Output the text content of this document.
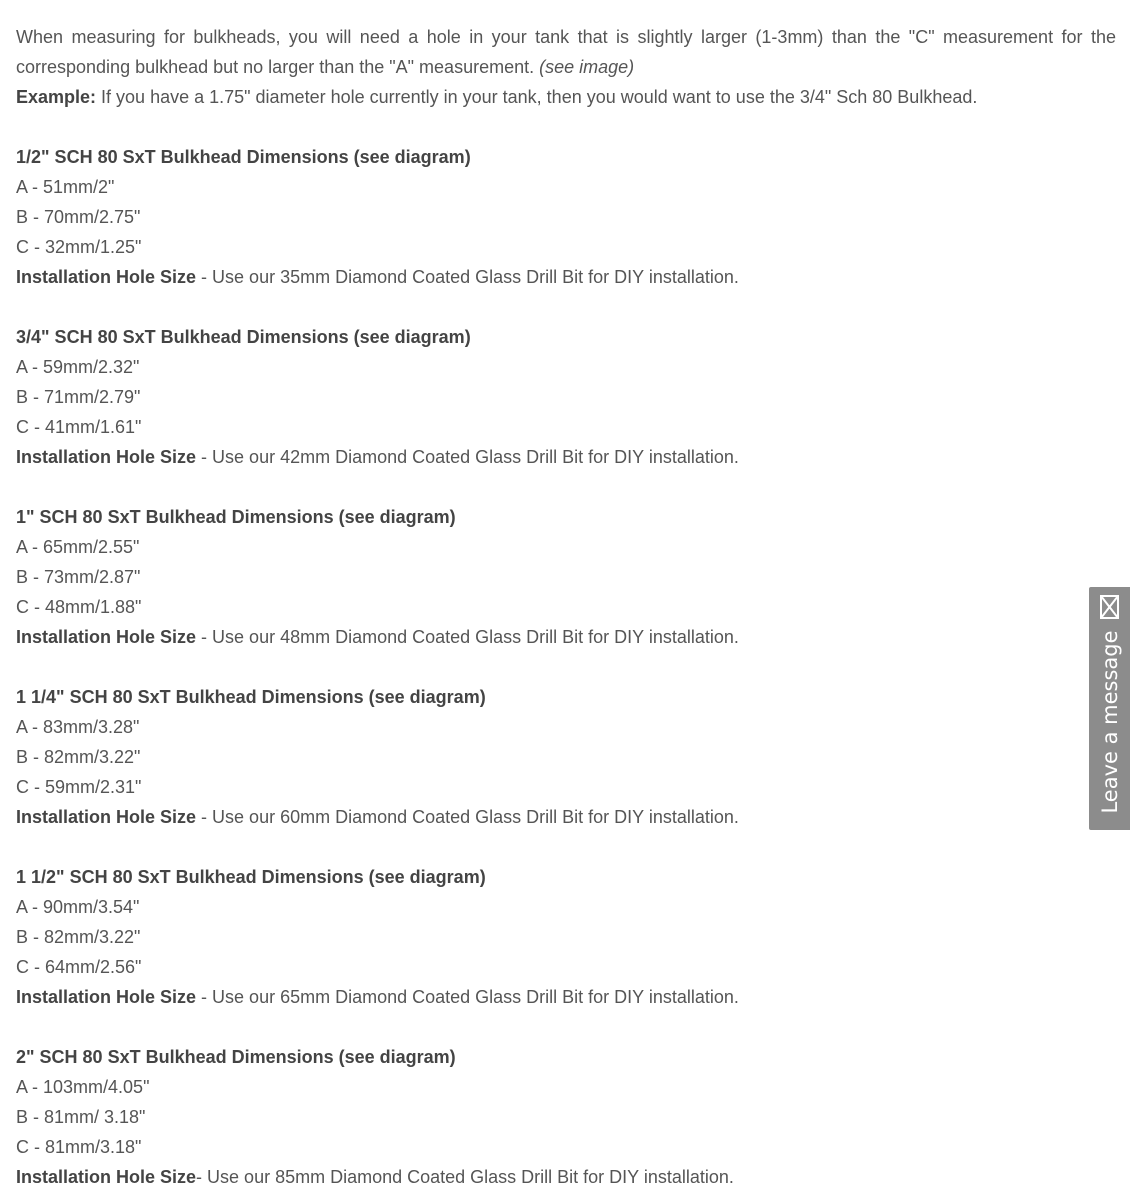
When measuring for bulkheads, you will need a hole in your tank that is slightly larger (1-3mm) than the "C" measurement for the corresponding bulkhead but no larger than the "A" measurement. (see image)

Example: If you have a 1.75" diameter hole currently in your tank, then you would want to use the 3/4" Sch 80 Bulkhead.

1/2" SCH 80 SxT Bulkhead Dimensions (see diagram)
A - 51mm/2"
B - 70mm/2.75"
C - 32mm/1.25"
Installation Hole Size - Use our 35mm Diamond Coated Glass Drill Bit for DIY installation.
3/4" SCH 80 SxT Bulkhead Dimensions (see diagram)
A - 59mm/2.32"
B - 71mm/2.79"
C - 41mm/1.61"
Installation Hole Size - Use our 42mm Diamond Coated Glass Drill Bit for DIY installation.
1" SCH 80 SxT Bulkhead Dimensions (see diagram)
A - 65mm/2.55"
B - 73mm/2.87"
C - 48mm/1.88"
Installation Hole Size - Use our 48mm Diamond Coated Glass Drill Bit for DIY installation.
1 1/4" SCH 80 SxT Bulkhead Dimensions (see diagram)
A - 83mm/3.28"
B - 82mm/3.22"
C - 59mm/2.31"
Installation Hole Size - Use our 60mm Diamond Coated Glass Drill Bit for DIY installation.
1 1/2" SCH 80 SxT Bulkhead Dimensions (see diagram)
A - 90mm/3.54"
B - 82mm/3.22"
C - 64mm/2.56"
Installation Hole Size - Use our 65mm Diamond Coated Glass Drill Bit for DIY installation.
2" SCH 80 SxT Bulkhead Dimensions (see diagram)
A - 103mm/4.05"
B - 81mm/ 3.18"
C - 81mm/3.18"
Installation Hole Size- Use our 85mm Diamond Coated Glass Drill Bit for DIY installation.
Leave a message
